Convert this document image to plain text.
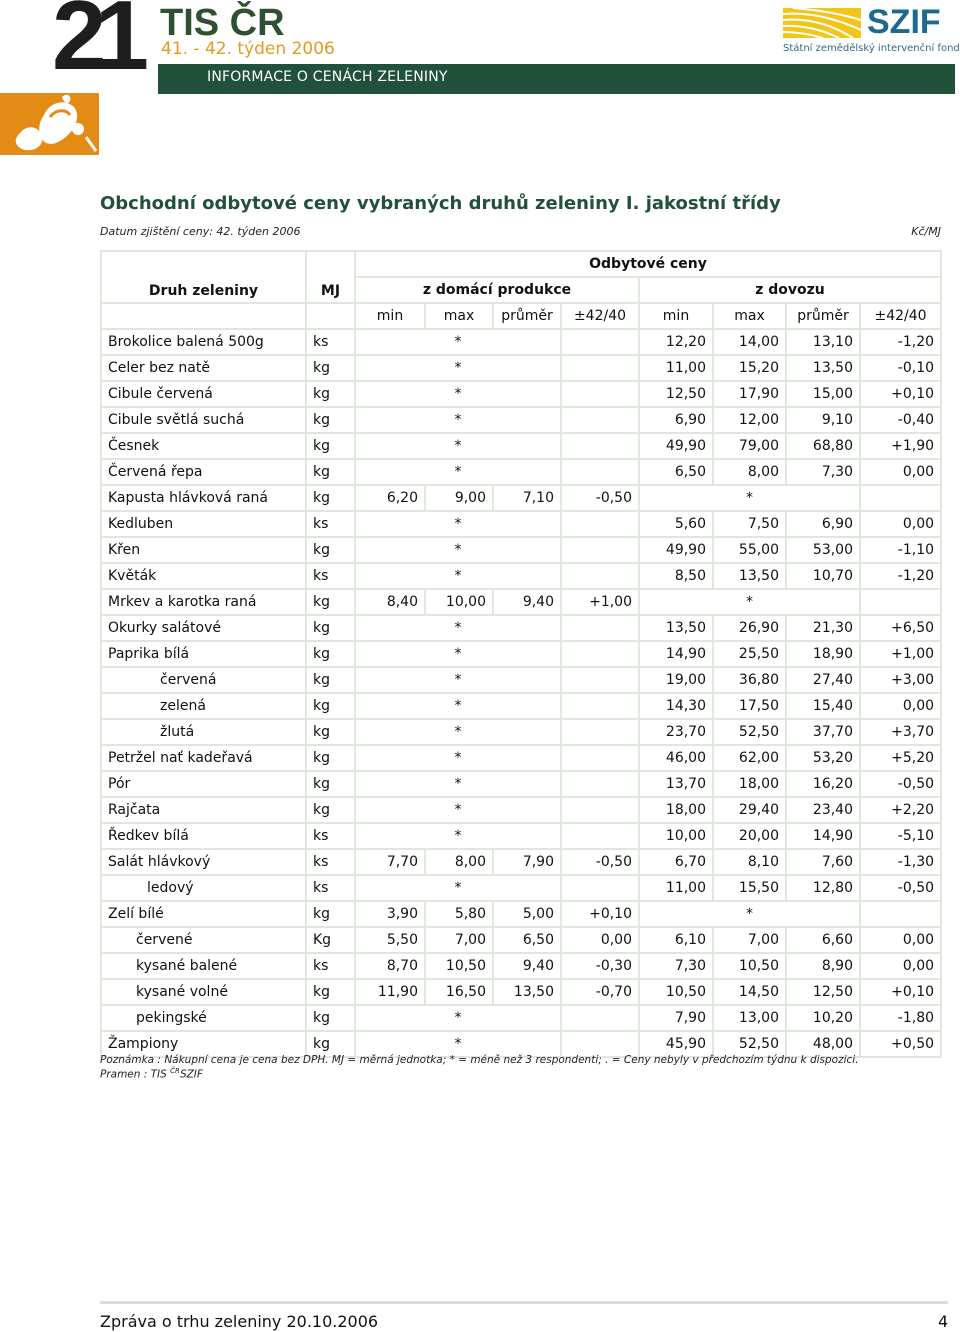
21 TIS ČR
41. - 42. týden 2006
INFORMACE O CENÁCH ZELENINY
SZIF
Státní zemědělský intervenční fond
Obchodní odbytové ceny vybraných druhů zeleniny I. jakostní třídy
Datum zjištění ceny: 42. týden 2006	Kč/MJ
Druh zeleniny	MJ	Odbytové ceny							
		z domácí produkce				z dovozu			
		min	max	průměr	±42/40	min	max	průměr	±42/40
Brokolice balená 500g	ks	*				12,20	14,00	13,10	-1,20
Celer bez natě	kg	*				11,00	15,20	13,50	-0,10
Cibule červená	kg	*				12,50	17,90	15,00	+0,10
Cibule světlá suchá	kg	*				6,90	12,00	9,10	-0,40
Česnek	kg	*				49,90	79,00	68,80	+1,90
Červená řepa	kg	*				6,50	8,00	7,30	0,00
Kapusta hlávková raná	kg	6,20	9,00	7,10	-0,50	*			
Kedluben	ks	*				5,60	7,50	6,90	0,00
Křen	kg	*				49,90	55,00	53,00	-1,10
Květák	ks	*				8,50	13,50	10,70	-1,20
Mrkev a karotka raná	kg	8,40	10,00	9,40	+1,00	*			
Okurky salátové	kg	*				13,50	26,90	21,30	+6,50
Paprika bílá	kg	*				14,90	25,50	18,90	+1,00
červená	kg	*				19,00	36,80	27,40	+3,00
zelená	kg	*				14,30	17,50	15,40	0,00
žlutá	kg	*				23,70	52,50	37,70	+3,70
Petržel nať kadeřavá	kg	*				46,00	62,00	53,20	+5,20
Pór	kg	*				13,70	18,00	16,20	-0,50
Rajčata	kg	*				18,00	29,40	23,40	+2,20
Ředkev bílá	ks	*				10,00	20,00	14,90	-5,10
Salát hlávkový	ks	7,70	8,00	7,90	-0,50	6,70	8,10	7,60	-1,30
ledový	ks	*				11,00	15,50	12,80	-0,50
Zelí bílé	kg	3,90	5,80	5,00	+0,10	*			
červené	Kg	5,50	7,00	6,50	0,00	6,10	7,00	6,60	0,00
kysané balené	ks	8,70	10,50	9,40	-0,30	7,30	10,50	8,90	0,00
kysané volné	kg	11,90	16,50	13,50	-0,70	10,50	14,50	12,50	+0,10
pekingské	kg	*				7,90	13,00	10,20	-1,80
Žampiony	kg	*				45,90	52,50	48,00	+0,50
Poznámka : Nákupní cena je cena bez DPH. MJ = měrná jednotka; * = méně než 3 respondenti; . = Ceny nebyly v předchozím týdnu k dispozici.
Pramen : TIS $^{ČR}$SZIF
Zpráva o trhu zeleniny 20.10.2006	4
